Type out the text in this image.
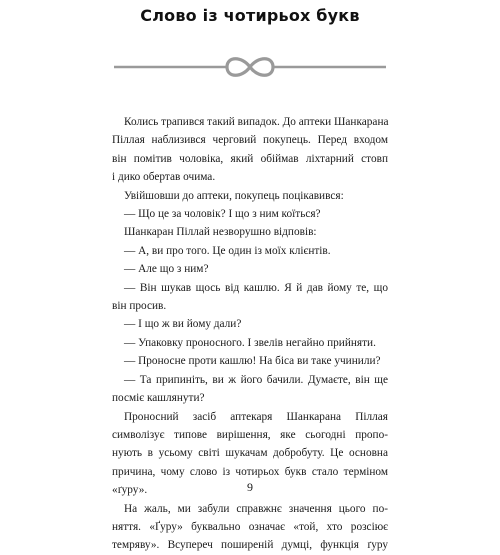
Слово із чотирьох букв

Колись трапився такий випадок. До аптеки Шанкарана
Піллая наблизився черговий покупець. Перед входом
він помітив чоловіка, який обіймав ліхтарний стовп
і дико обертав очима.

Увійшовши до аптеки, покупець поцікавився:

— Що це за чоловік? І що з ним коїться?

Шанкаран Піллай незворушно відповів:

— А, ви про того. Це один із моїх клієнтів.

— Але що з ним?

— Він шукав щось від кашлю. Я й дав йому те, що
він просив.

— І що ж ви йому дали?

— Упаковку проносного. І звелів негайно прийняти.

— Проносне проти кашлю! На біса ви таке учинили?

— Та припиніть, ви ж його бачили. Думаєте, він ще
посміє кашлянути?

Проносний засіб аптекаря Шанкарана Піллая
символізує типове вирішення, яке сьогодні пропо-
нують в усьому світі шукачам добробуту. Це основна
причина, чому слово із чотирьох букв стало терміном
«ґуру».

На жаль, ми забули справжнє значення цього по-
няття. «Ґуру» буквально означає «той, хто розсіює
темряву». Всупереч поширеній думці, функція ґуру

9
